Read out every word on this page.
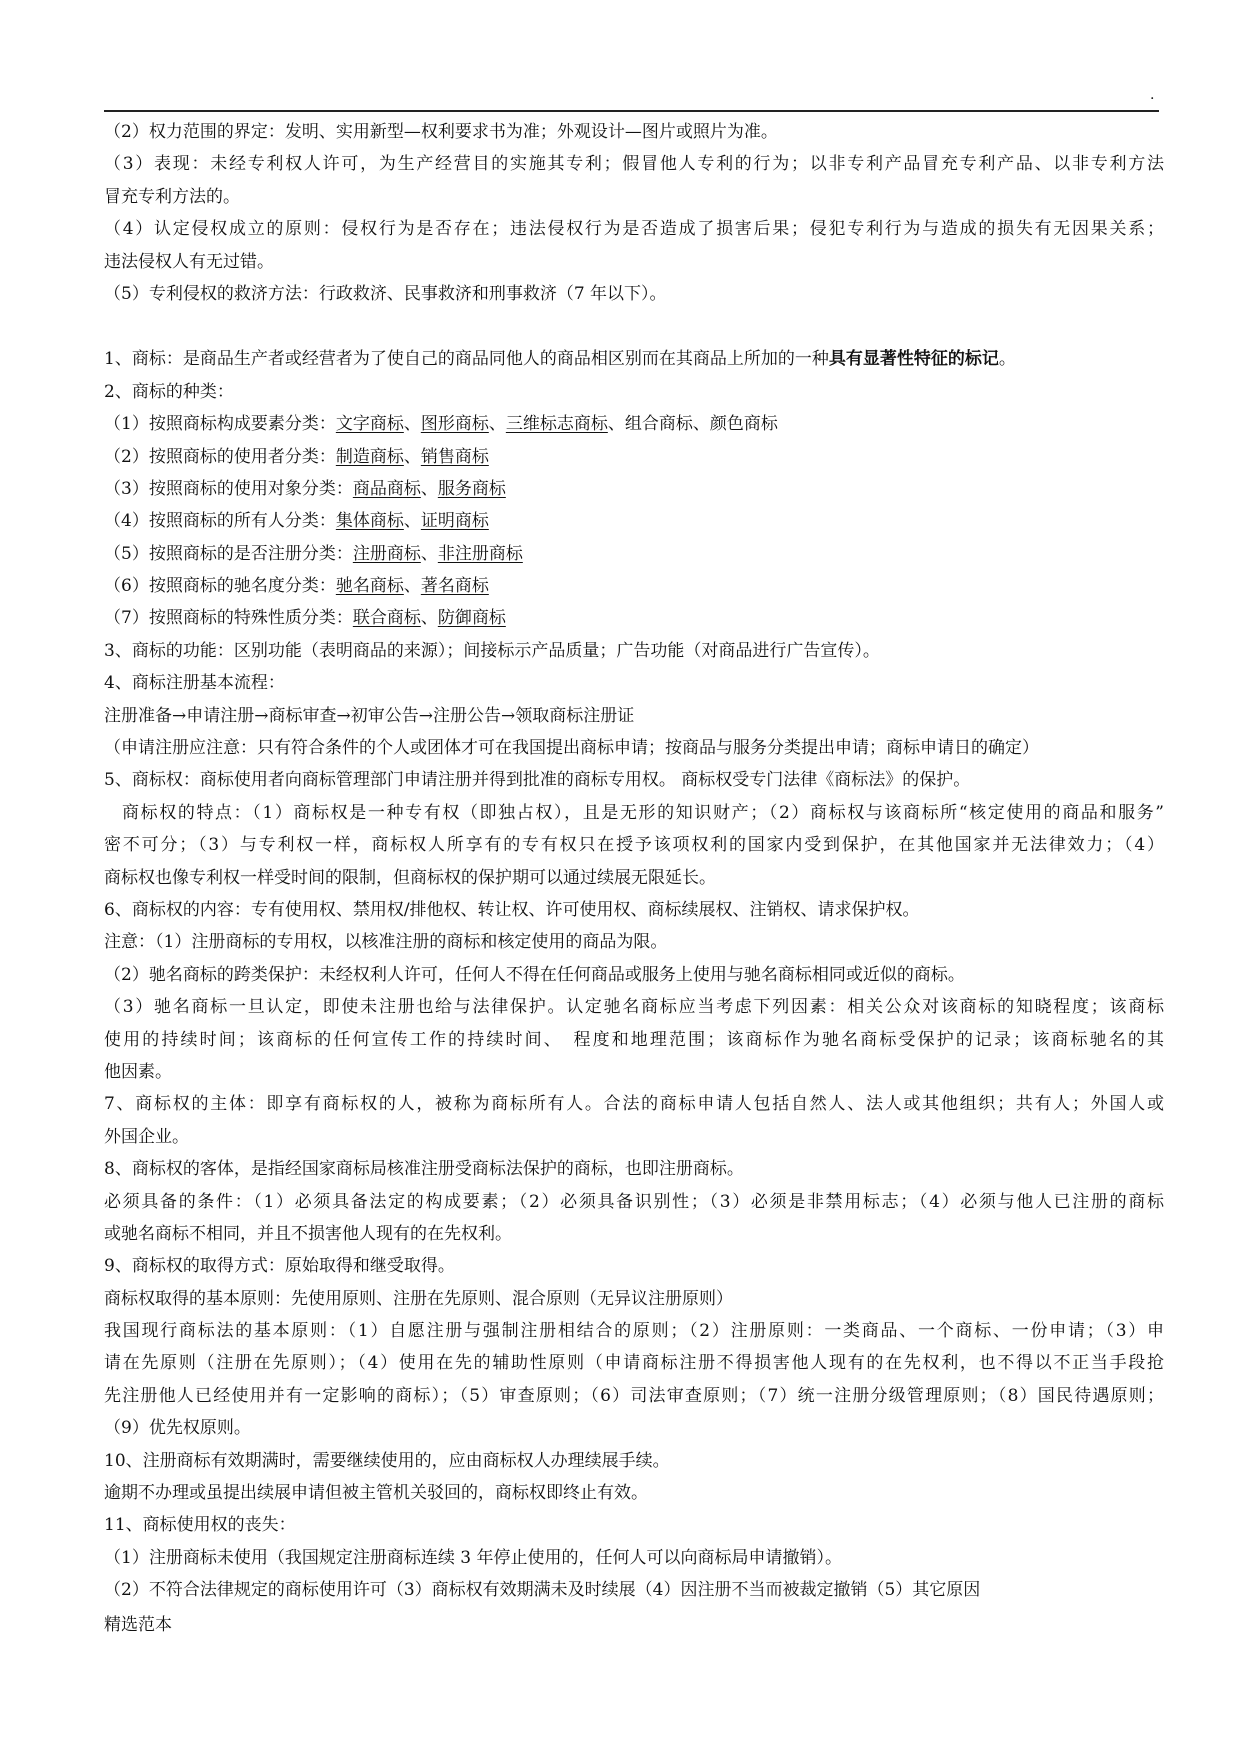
.
（2）权力范围的界定：发明、实用新型—权利要求书为准；外观设计—图片或照片为准。
（3）表现：未经专利权人许可，为生产经营目的实施其专利；假冒他人专利的行为；以非专利产品冒充专利产品、以非专利方法
冒充专利方法的。
（4）认定侵权成立的原则：侵权行为是否存在；违法侵权行为是否造成了损害后果；侵犯专利行为与造成的损失有无因果关系；
违法侵权人有无过错。
（5）专利侵权的救济方法：行政救济、民事救济和刑事救济（7 年以下）。
1、商标：是商品生产者或经营者为了使自己的商品同他人的商品相区别而在其商品上所加的一种具有显著性特征的标记。
2、商标的种类：
（1）按照商标构成要素分类：文字商标、图形商标、三维标志商标、组合商标、颜色商标
（2）按照商标的使用者分类：制造商标、销售商标
（3）按照商标的使用对象分类：商品商标、服务商标
（4）按照商标的所有人分类：集体商标、证明商标
（5）按照商标的是否注册分类：注册商标、非注册商标
（6）按照商标的驰名度分类：驰名商标、著名商标
（7）按照商标的特殊性质分类：联合商标、防御商标
3、商标的功能：区别功能（表明商品的来源）；间接标示产品质量；广告功能（对商品进行广告宣传）。
4、商标注册基本流程：
注册准备→申请注册→商标审查→初审公告→注册公告→领取商标注册证
（申请注册应注意：只有符合条件的个人或团体才可在我国提出商标申请；按商品与服务分类提出申请；商标申请日的确定）
5、商标权：商标使用者向商标管理部门申请注册并得到批准的商标专用权。 商标权受专门法律《商标法》的保护。
商标权的特点：（1）商标权是一种专有权（即独占权），且是无形的知识财产；（2）商标权与该商标所“核定使用的商品和服务”
密不可分；（3）与专利权一样，商标权人所享有的专有权只在授予该项权利的国家内受到保护，在其他国家并无法律效力；（4）
商标权也像专利权一样受时间的限制，但商标权的保护期可以通过续展无限延长。
6、商标权的内容：专有使用权、禁用权/排他权、转让权、许可使用权、商标续展权、注销权、请求保护权。
注意：（1）注册商标的专用权，以核准注册的商标和核定使用的商品为限。
（2）驰名商标的跨类保护：未经权利人许可，任何人不得在任何商品或服务上使用与驰名商标相同或近似的商标。
（3）驰名商标一旦认定，即使未注册也给与法律保护。认定驰名商标应当考虑下列因素：相关公众对该商标的知晓程度；该商标
使用的持续时间；该商标的任何宣传工作的持续时间、　程度和地理范围；该商标作为驰名商标受保护的记录；该商标驰名的其
他因素。
7、商标权的主体：即享有商标权的人，被称为商标所有人。合法的商标申请人包括自然人、法人或其他组织；共有人；外国人或
外国企业。
8、商标权的客体，是指经国家商标局核准注册受商标法保护的商标，也即注册商标。
必须具备的条件：（1）必须具备法定的构成要素；（2）必须具备识别性；（3）必须是非禁用标志；（4）必须与他人已注册的商标
或驰名商标不相同，并且不损害他人现有的在先权利。
9、商标权的取得方式：原始取得和继受取得。
商标权取得的基本原则：先使用原则、注册在先原则、混合原则（无异议注册原则）
我国现行商标法的基本原则：（1）自愿注册与强制注册相结合的原则；（2）注册原则：一类商品、一个商标、一份申请；（3）申
请在先原则（注册在先原则）；（4）使用在先的辅助性原则（申请商标注册不得损害他人现有的在先权利，也不得以不正当手段抢
先注册他人已经使用并有一定影响的商标）；（5）审查原则；（6）司法审查原则；（7）统一注册分级管理原则；（8）国民待遇原则；
（9）优先权原则。
10、注册商标有效期满时，需要继续使用的，应由商标权人办理续展手续。
逾期不办理或虽提出续展申请但被主管机关驳回的，商标权即终止有效。
11、商标使用权的丧失：
（1）注册商标未使用（我国规定注册商标连续 3 年停止使用的，任何人可以向商标局申请撤销）。
（2）不符合法律规定的商标使用许可（3）商标权有效期满未及时续展（4）因注册不当而被裁定撤销（5）其它原因
精选范本
